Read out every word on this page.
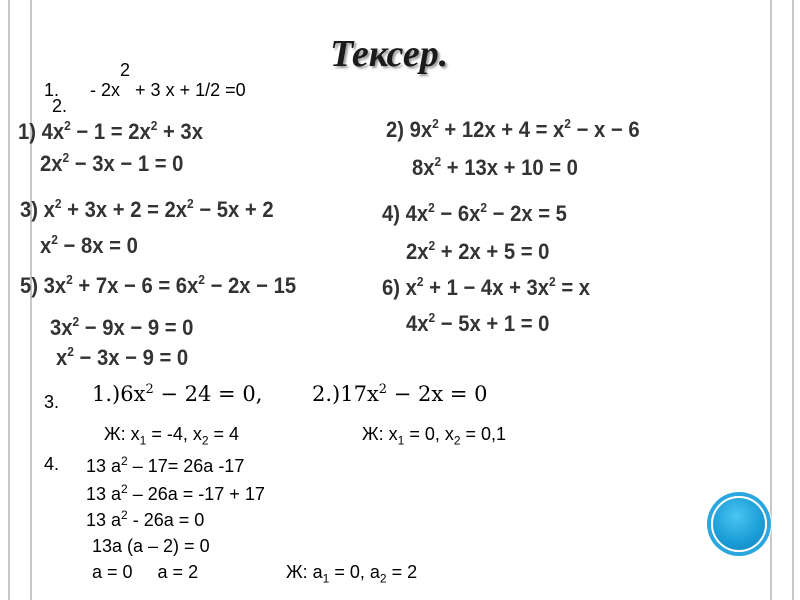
Тексер.
1. - 2x2 + 3 x + 1/2 =0
2.
1) $4x^2 - 1 = 2x^2 + 3x$
$2x^2 - 3x - 1 = 0$
2) $9x^2 + 12x + 4 = x^2 - x - 6$
$8x^2 + 13x + 10 = 0$
3) $x^2 + 3x + 2 = 2x^2 - 5x + 2$
$x^2 - 8x = 0$
4) $4x^2 - 6x^2 - 2x = 5$
$2x^2 + 2x + 5 = 0$
5) $3x^2 + 7x - 6 = 6x^2 - 2x - 15$
$3x^2 - 9x - 9 = 0$
$x^2 - 3x - 9 = 0$
6) $x^2 + 1 - 4x + 3x^2 = x$
$4x^2 - 5x + 1 = 0$
3. $1.)6x^2 - 24 = 0$, $2.)17x^2 - 2x = 0$
Ж: $x_1 = -4$, $x_2 = 4$	Ж: $x_1 = 0$, $x_2 = 0,1$
4. 13 $a^2 - 17= 26a$ -17
13 $a^2 - 26a = -17 + 17$
13 $a^2 - 26a = 0$
13a (a – 2) = 0
a = 0     a = 2	Ж: $a_1 = 0$, $a_2 = 2$
